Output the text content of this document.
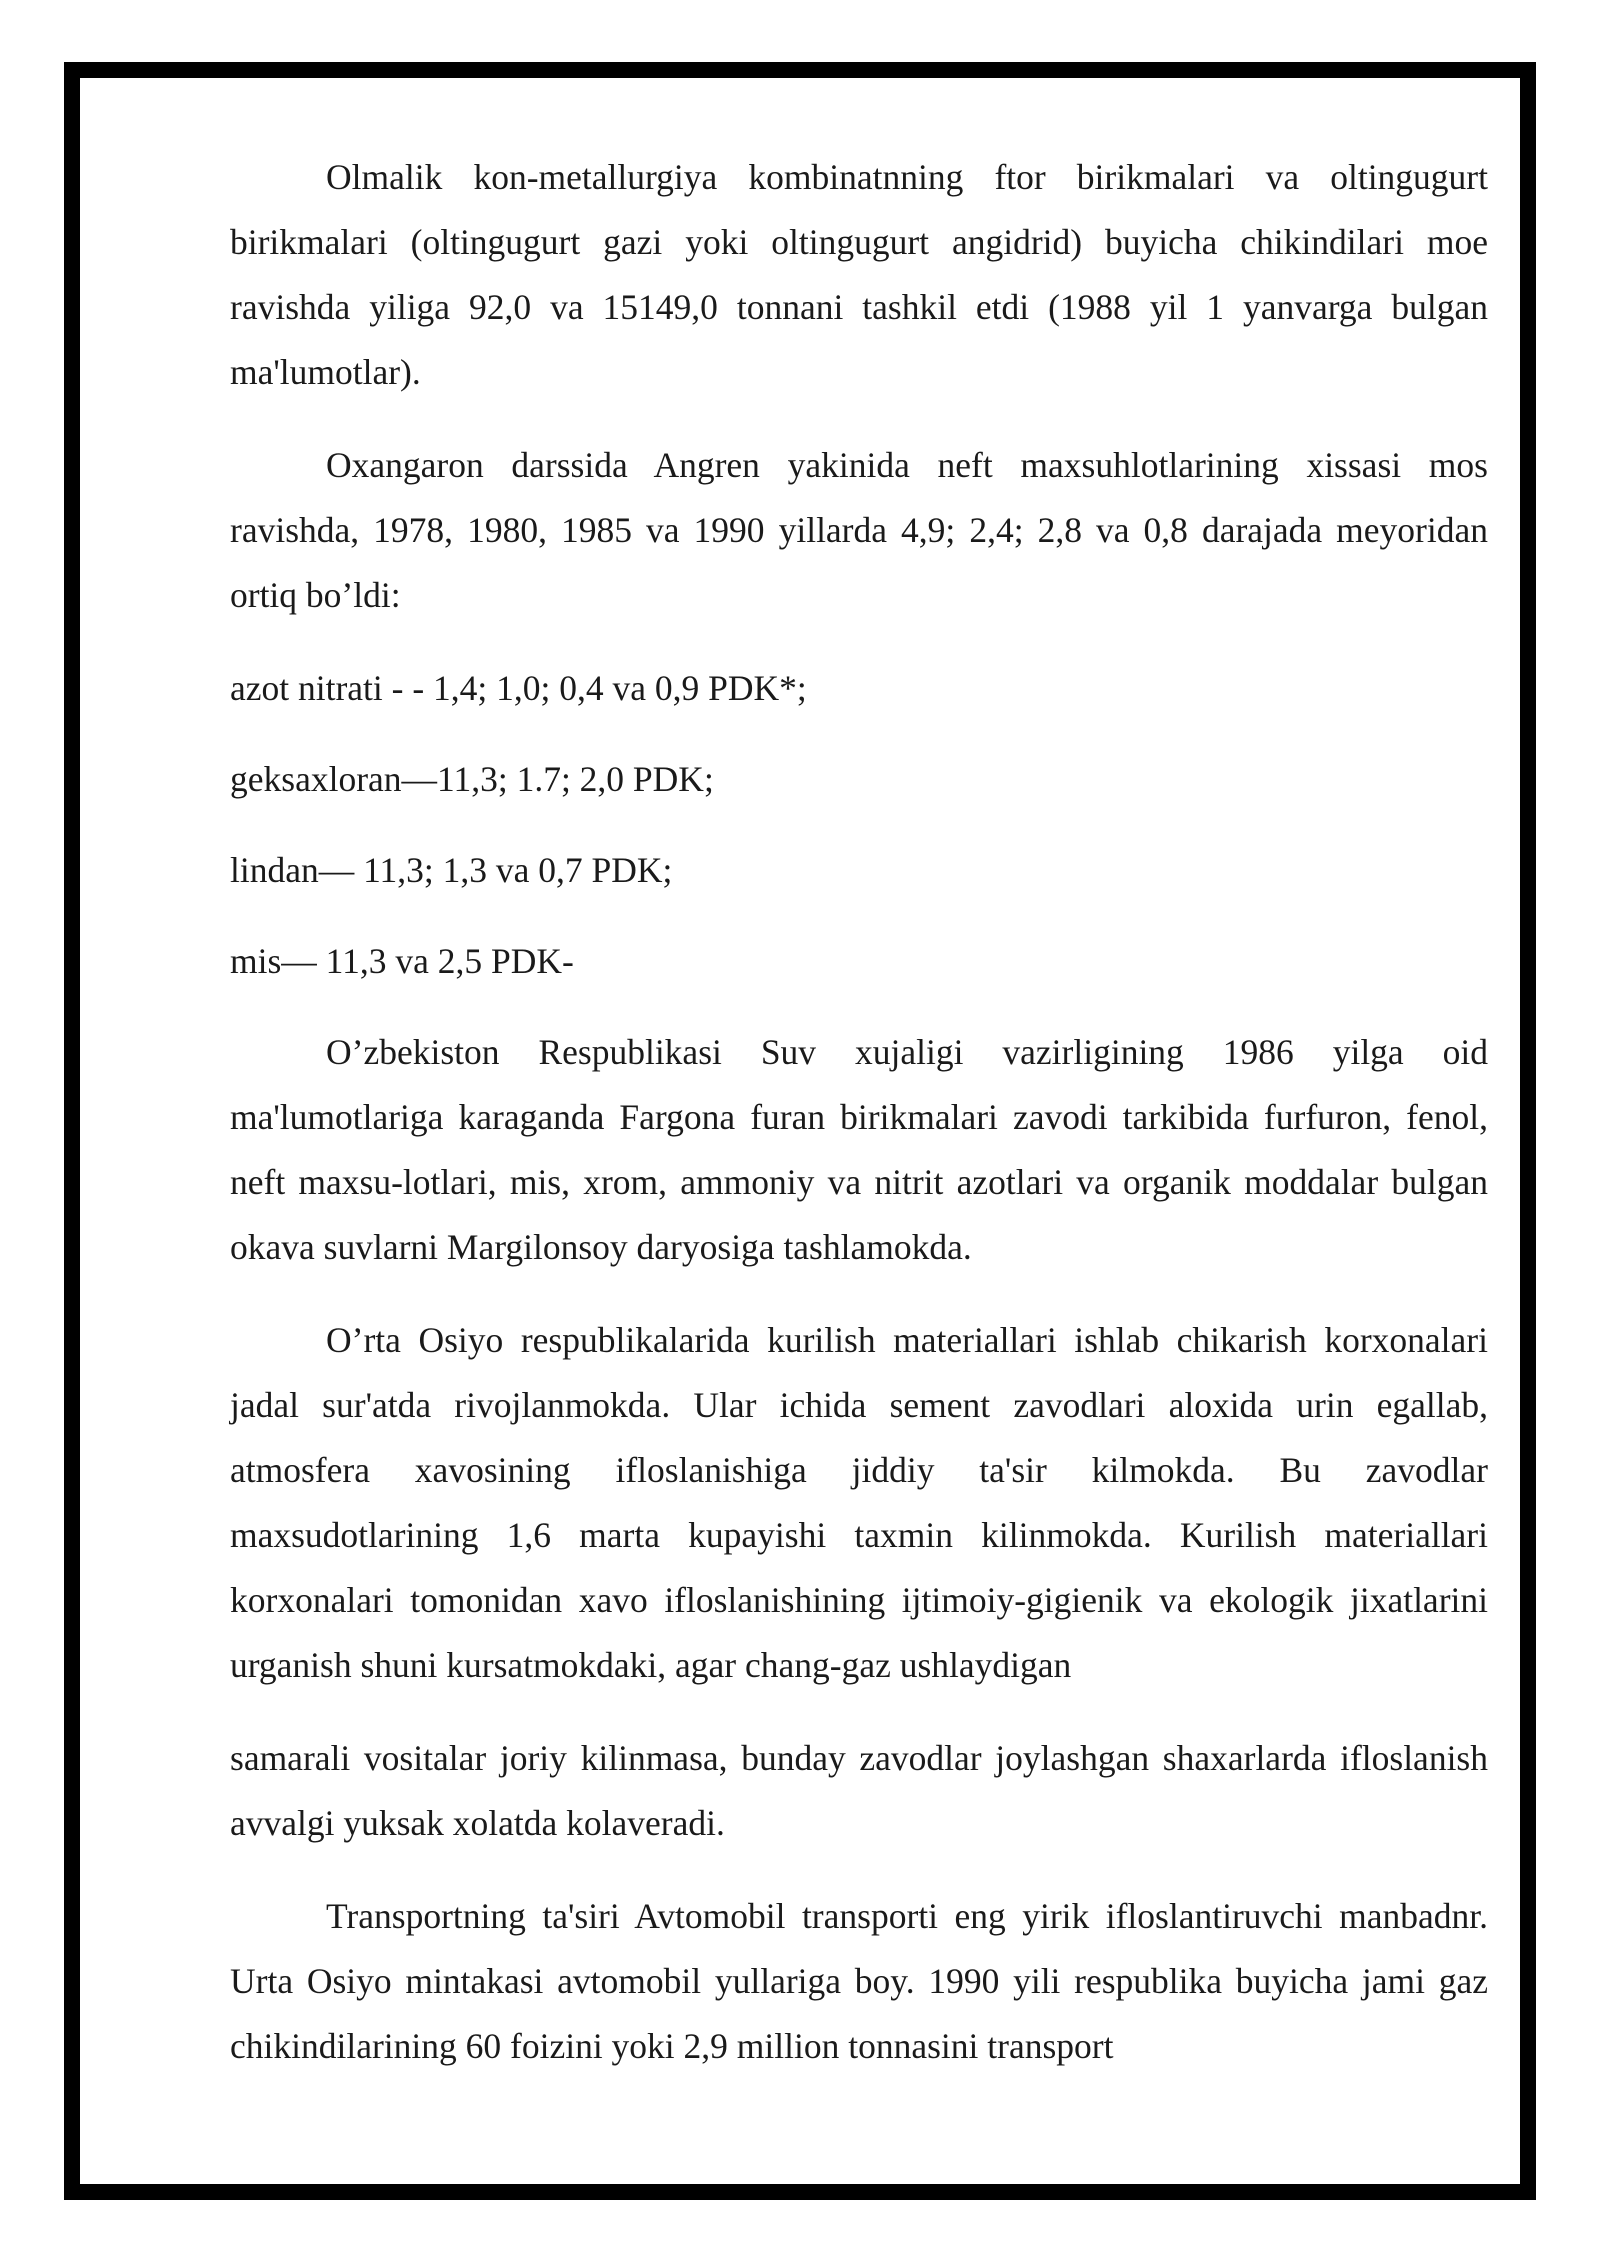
Olmalik kon-metallurgiya kombinatnning ftor birikmalari va oltingugurt birikmalari (oltingugurt gazi yoki oltingugurt angidrid) buyicha chikindilari moe ravishda yiliga 92,0 va 15149,0 tonnani tashkil etdi (1988 yil 1 yanvarga bulgan ma'lumotlar).

Oxangaron darssida Angren yakinida neft maxsuhlotlarining xissasi mos ravishda, 1978, 1980, 1985 va 1990 yillarda 4,9; 2,4; 2,8 va 0,8 darajada meyoridan ortiq bo’ldi:

azot nitrati - - 1,4; 1,0; 0,4 va 0,9 PDK*;

geksaxloran—11,3; 1.7; 2,0 PDK;

lindan— 11,3; 1,3 va 0,7 PDK;

mis— 11,3 va 2,5 PDK-

O’zbekiston Respublikasi Suv xujaligi vazirligining 1986 yilga oid ma'lumotlariga karaganda Fargona furan birikmalari zavodi tarkibida furfuron, fenol, neft maxsu-lotlari, mis, xrom, ammoniy va nitrit azotlari va organik moddalar bulgan okava suvlarni Margilonsoy daryosiga tashlamokda.

O’rta Osiyo respublikalarida kurilish materiallari ishlab chikarish korxonalari jadal sur'atda rivojlanmokda. Ular ichida sement zavodlari aloxida urin egallab, atmosfera xavosining ifloslanishiga jiddiy ta'sir kilmokda. Bu zavodlar maxsudotlarining 1,6 marta kupayishi taxmin kilinmokda. Kurilish materiallari korxonalari tomonidan xavo ifloslanishining ijtimoiy-gigienik va ekologik jixatlarini urganish shuni kursatmokdaki, agar chang-gaz ushlaydigan

samarali vositalar joriy kilinmasa, bunday zavodlar joylashgan shaxarlarda ifloslanish avvalgi yuksak xolatda kolaveradi.

Transportning ta'siri Avtomobil transporti eng yirik ifloslantiruvchi manbadnr. Urta Osiyo mintakasi avtomobil yullariga boy. 1990 yili respublika buyicha jami gaz chikindilarining 60 foizini yoki 2,9 million tonnasini transport
